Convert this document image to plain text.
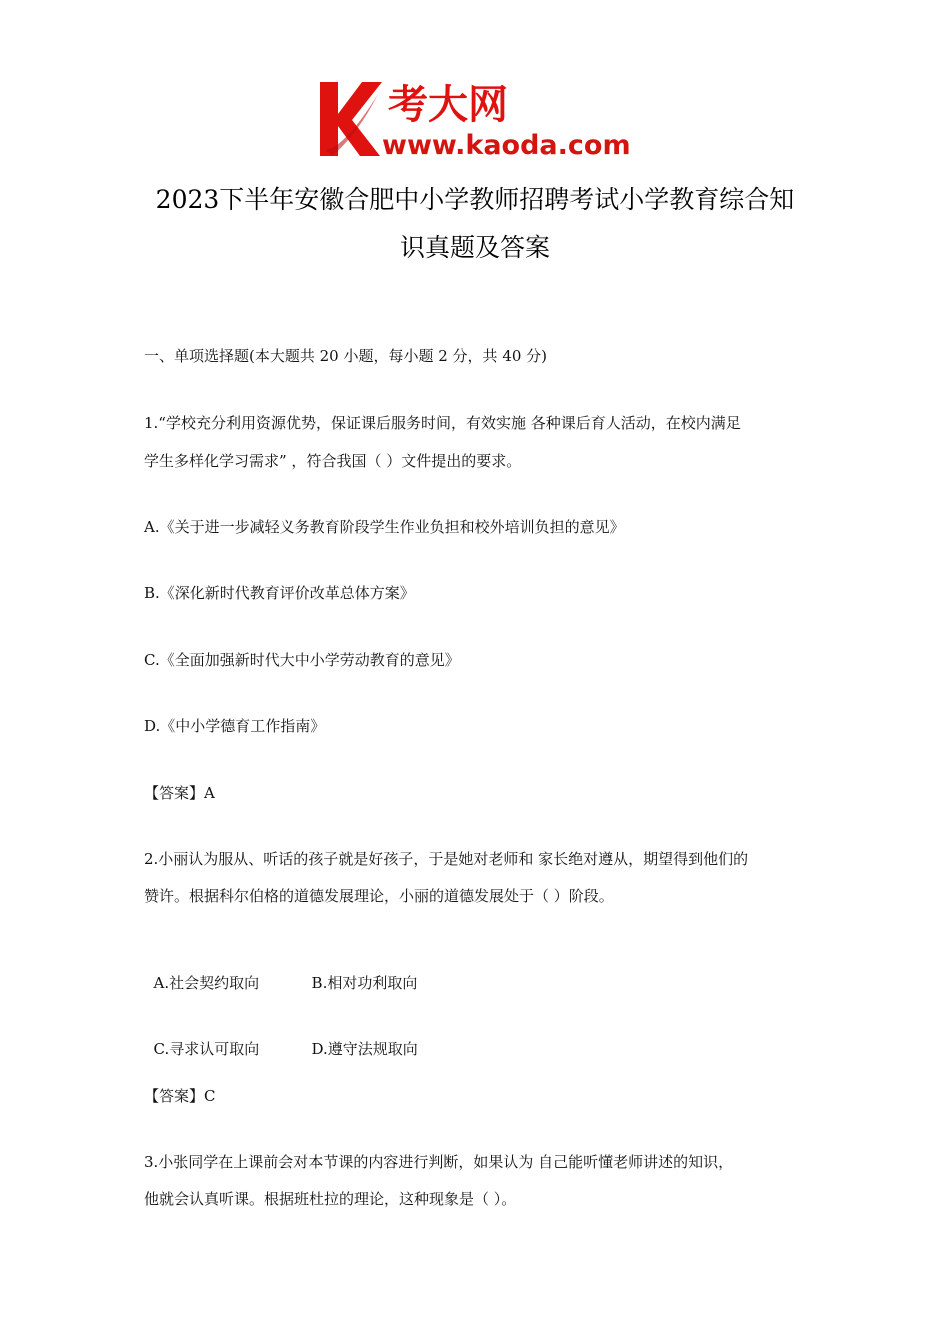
考大网
www.kaoda.com
2023下半年安徽合肥中小学教师招聘考试小学教育综合知
识真题及答案
一、单项选择题(本大题共 20 小题，每小题 2 分，共 40 分)
1.“学校充分利用资源优势，保证课后服务时间，有效实施 各种课后育人活动，在校内满足
学生多样化学习需求” ，符合我国（ ）文件提出的要求。
A.《关于进一步减轻义务教育阶段学生作业负担和校外培训负担的意见》
B.《深化新时代教育评价改革总体方案》
C.《全面加强新时代大中小学劳动教育的意见》
D.《中小学德育工作指南》
【答案】A
2.小丽认为服从、听话的孩子就是好孩子，于是她对老师和 家长绝对遵从，期望得到他们的
赞许。根据科尔伯格的道德发展理论，小丽的道德发展处于（ ）阶段。

A.社会契约取向	B.相对功利取向

C.寻求认可取向	D.遵守法规取向

【答案】C
3.小张同学在上课前会对本节课的内容进行判断，如果认为 自己能听懂老师讲述的知识，
他就会认真听课。根据班杜拉的理论，这种现象是（ ）。
